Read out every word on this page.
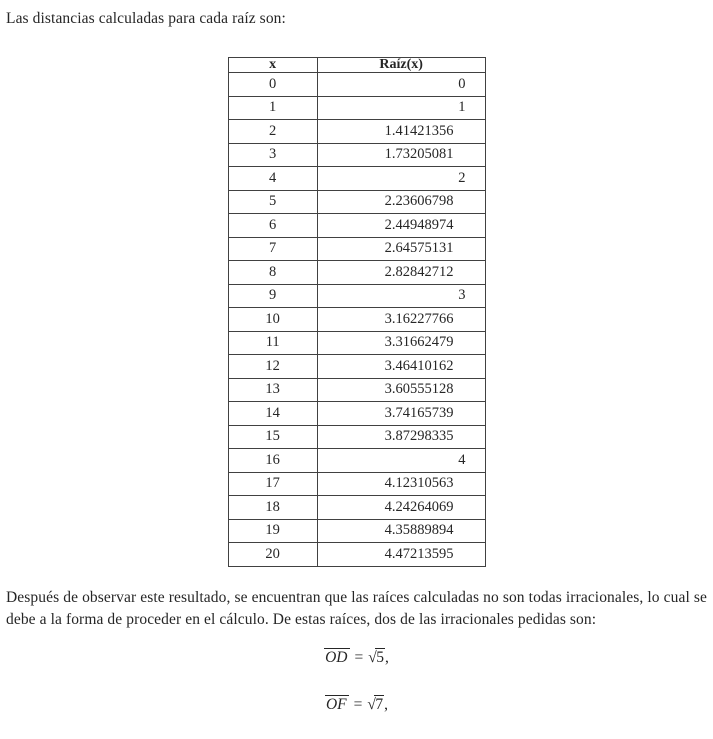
Las distancias calculadas para cada raíz son:

x	Raíz(x)
0	0
1	1
2	1.41421356
3	1.73205081
4	2
5	2.23606798
6	2.44948974
7	2.64575131
8	2.82842712
9	3
10	3.16227766
11	3.31662479
12	3.46410162
13	3.60555128
14	3.74165739
15	3.87298335
16	4
17	4.12310563
18	4.24264069
19	4.35889894
20	4.47213595

Después de observar este resultado, se encuentran que las raíces calculadas no son todas irracionales, lo cual se debe a la forma de proceder en el cálculo. De estas raíces, dos de las irracionales pedidas son:

OD = √5,
OF = √7,
